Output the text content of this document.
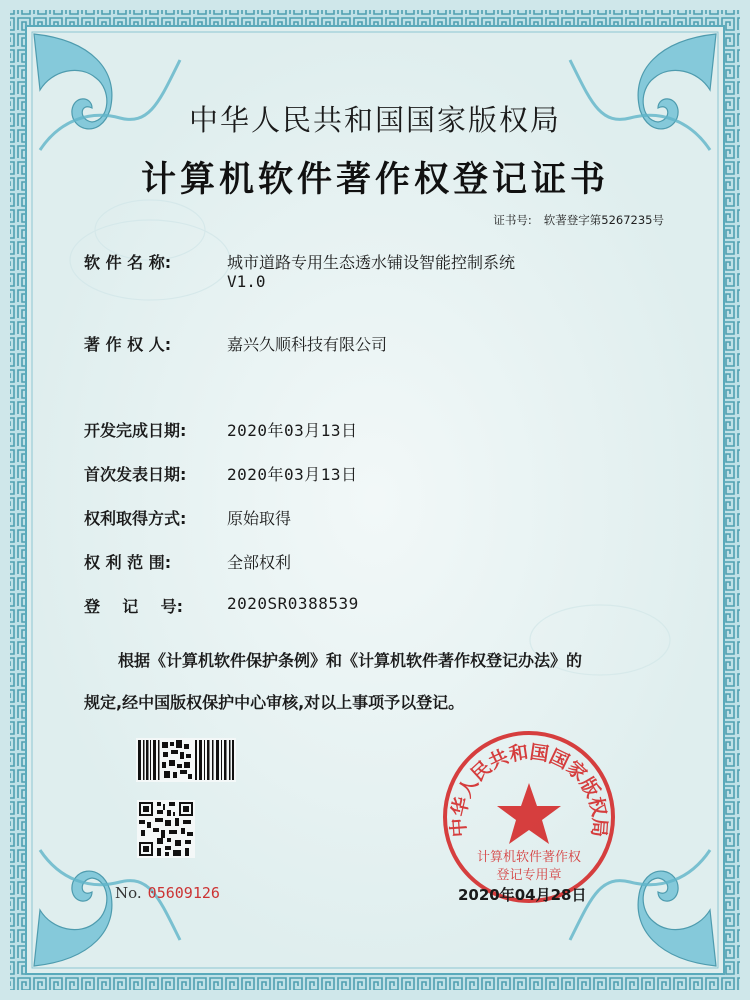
中华人民共和国国家版权局
计算机软件著作权登记证书
证书号: 软著登字第5267235号
软 件 名 称:	城市道路专用生态透水铺设智能控制系统
V1.0
著 作 权 人:	嘉兴久顺科技有限公司
开发完成日期:	2020年03月13日
首次发表日期:	2020年03月13日
权利取得方式:	原始取得
权 利 范 围:	全部权利
登    记    号:	2020SR0388539
根据《计算机软件保护条例》和《计算机软件著作权登记办法》的
规定,经中国版权保护中心审核,对以上事项予以登记。
No. 05609126
中华人民共和国国家版权局
计算机软件著作权
登记专用章
2020年04月28日
